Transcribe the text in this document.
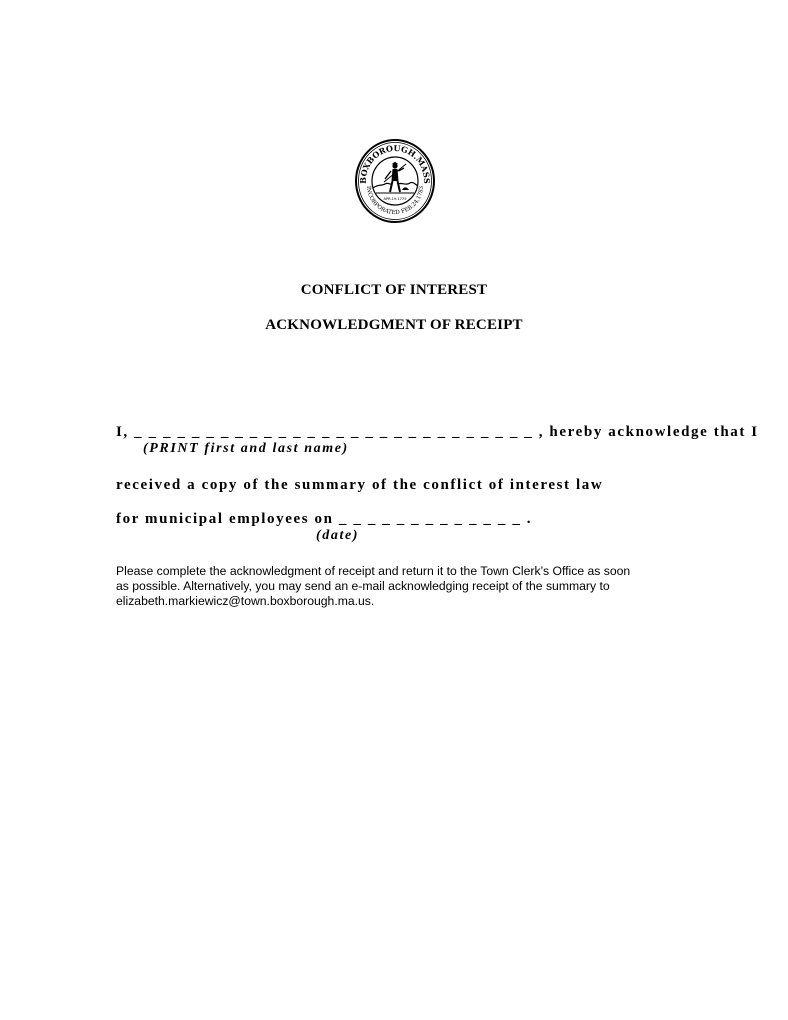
BOXBOROUGH.MASS
INCORPORATED FEB.24,1783
APR.19.1775
CONFLICT OF INTEREST
ACKNOWLEDGMENT OF RECEIPT
I, _ _ _ _ _ _ _ _ _ _ _ _ _ _ _ _ _ _ _ _ _ _ _ _ _ _ _ _ , hereby acknowledge that I
(PRINT first and last name)
received a copy of the summary of the conflict of interest law
for municipal employees on _ _ _ _ _ _ _ _ _ _ _ _ _ .
(date)
Please complete the acknowledgment of receipt and return it to the Town Clerk’s Office as soon
as possible. Alternatively, you may send an e-mail acknowledging receipt of the summary to
elizabeth.markiewicz@town.boxborough.ma.us.
